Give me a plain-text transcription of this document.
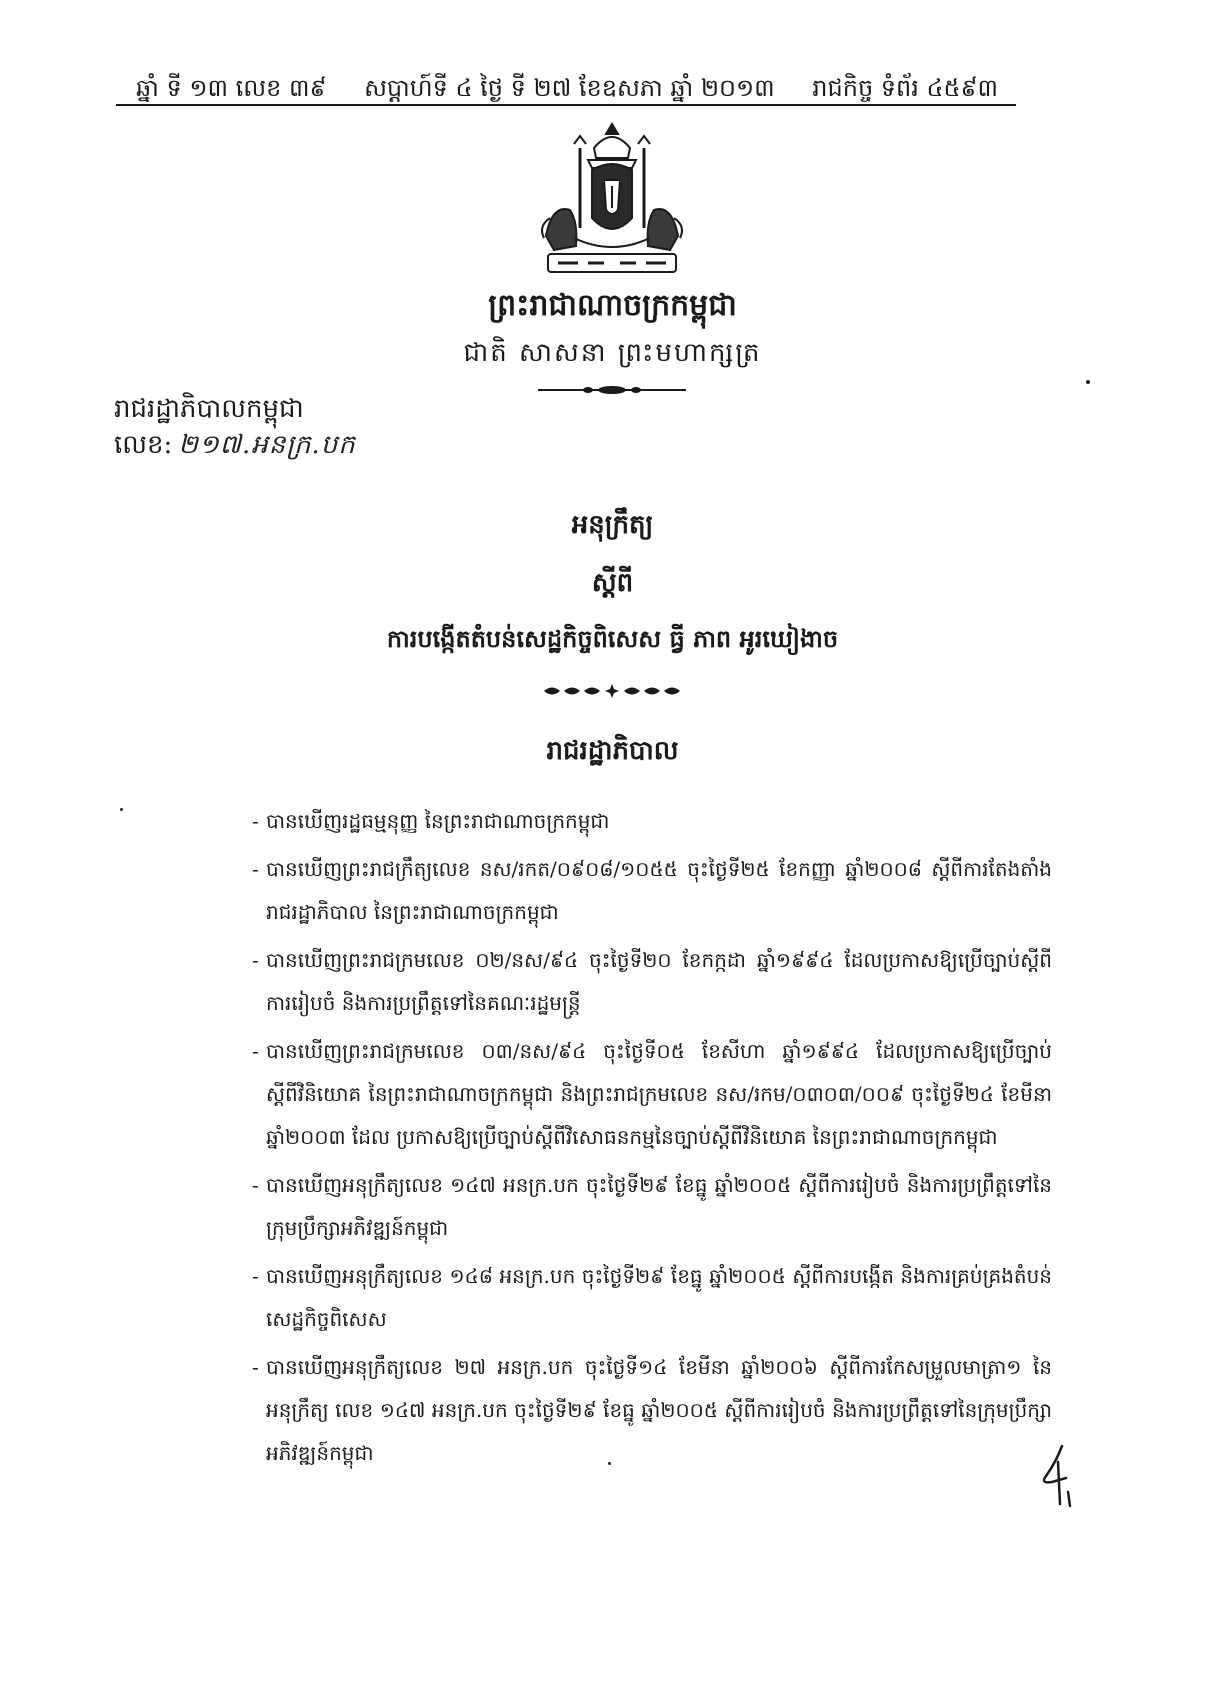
ឆ្នាំ ទី ១៣ លេខ ៣៩ សប្ដាហ៍ទី ៤ ថ្ងៃ ទី ២៧ ខែឧសភា ឆ្នាំ ២០១៣ រាជកិច្ច ទំព័រ ៤៥៩៣
ព្រះរាជាណាចក្រកម្ពុជា
ជាតិ សាសនា ព្រះមហាក្សត្រ
រាជរដ្ឋាភិបាលកម្ពុជា
លេខ: ២១៧.អនក្រ.បក
អនុក្រឹត្យ
ស្ដីពី
ការបង្កើតតំបន់សេដ្ឋកិច្ចពិសេស ធ្វី ភាព អូរឃៀងាច
រាជរដ្ឋាភិបាល
- បានឃើញរដ្ឋធម្មនុញ្ញ នៃព្រះរាជាណាចក្រកម្ពុជា
- បានឃើញព្រះរាជក្រឹត្យលេខ នស/រកត/០៩០៨/១០៥៥ ចុះថ្ងៃទី២៥ ខែកញ្ញា ឆ្នាំ២០០៨ ស្ដីពីការតែងតាំងរាជរដ្ឋាភិបាល នៃព្រះរាជាណាចក្រកម្ពុជា
- បានឃើញព្រះរាជក្រមលេខ ០២/នស/៩៤ ចុះថ្ងៃទី២០ ខែកក្កដា ឆ្នាំ១៩៩៤ ដែលប្រកាសឱ្យប្រើច្បាប់ស្ដីពីការរៀបចំ និងការប្រព្រឹត្តទៅនៃគណៈរដ្ឋមន្ត្រី
- បានឃើញព្រះរាជក្រមលេខ ០៣/នស/៩៤ ចុះថ្ងៃទី០៥ ខែសីហា ឆ្នាំ១៩៩៤ ដែលប្រកាសឱ្យប្រើច្បាប់ស្ដីពីវិនិយោគ នៃព្រះរាជាណាចក្រកម្ពុជា និងព្រះរាជក្រមលេខ នស/រកម/០៣០៣/០០៩ ចុះថ្ងៃទី២៤ ខែមីនា ឆ្នាំ២០០៣ ដែល ប្រកាសឱ្យប្រើច្បាប់ស្ដីពីវិសោធនកម្មនៃច្បាប់ស្ដីពីវិនិយោគ នៃព្រះរាជាណាចក្រកម្ពុជា
- បានឃើញអនុក្រឹត្យលេខ ១៤៧ អនក្រ.បក ចុះថ្ងៃទី២៩ ខែធ្នូ ឆ្នាំ២០០៥ ស្ដីពីការរៀបចំ និងការប្រព្រឹត្តទៅនៃ ក្រុមប្រឹក្សាអភិវឌ្ឍន៍កម្ពុជា
- បានឃើញអនុក្រឹត្យលេខ ១៤៨ អនក្រ.បក ចុះថ្ងៃទី២៩ ខែធ្នូ ឆ្នាំ២០០៥ ស្ដីពីការបង្កើត និងការគ្រប់គ្រងតំបន់ សេដ្ឋកិច្ចពិសេស
- បានឃើញអនុក្រឹត្យលេខ ២៧ អនក្រ.បក ចុះថ្ងៃទី១៤ ខែមីនា ឆ្នាំ២០០៦ ស្ដីពីការកែសម្រួលមាត្រា១ នៃអនុក្រឹត្យ លេខ ១៤៧ អនក្រ.បក ចុះថ្ងៃទី២៩ ខែធ្នូ ឆ្នាំ២០០៥ ស្ដីពីការរៀបចំ និងការប្រព្រឹត្តទៅនៃក្រុមប្រឹក្សាអភិវឌ្ឍន៍កម្ពុជា
